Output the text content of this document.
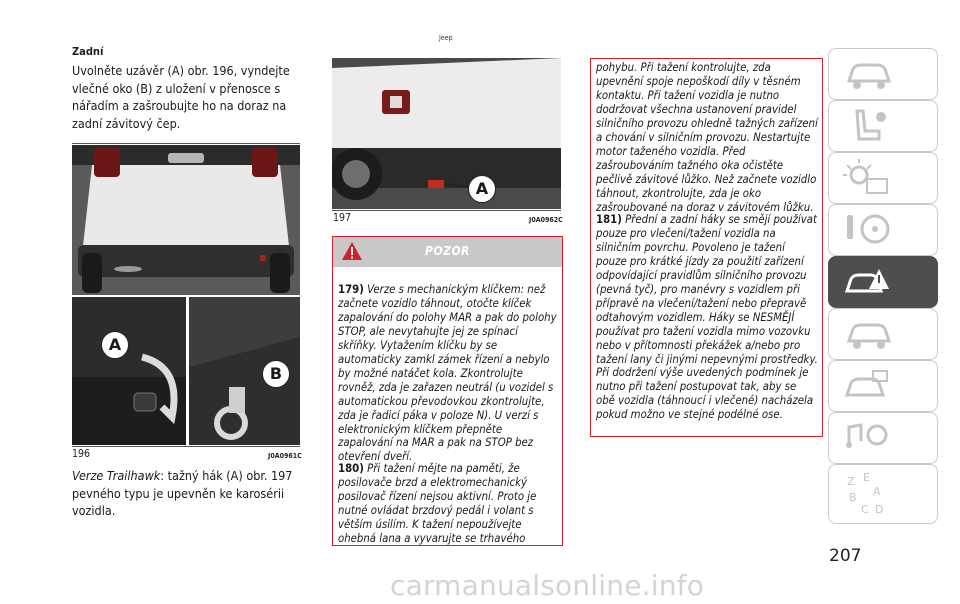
Zadní
Uvolněte uzávěr (A) obr. 196, vyndejte vlečné oko (B) z uložení v přenosce s nářadím a zašroubujte ho na doraz na zadní závitový čep.
A
B
196	J0A0961C
Verze Trailhawk: tažný hák (A) obr. 197 pevného typu je upevněn ke karosérii vozidla.
Jeep
A
197	J0A0962C
POZOR
179) Verze s mechanickým klíčkem: než začnete vozidlo táhnout, otočte klíček zapalování do polohy MAR a pak do polohy STOP, ale nevytahujte jej ze spínací skříňky. Vytažením klíčku by se automaticky zamkl zámek řízení a nebylo by možné natáčet kola. Zkontrolujte rovněž, zda je zařazen neutrál (u vozidel s automatickou převodovkou zkontrolujte, zda je řadicí páka v poloze N). U verzí s elektronickým klíčkem přepněte zapalování na MAR a pak na STOP bez otevření dveří.
180) Při tažení mějte na paměti, že posilovače brzd a elektromechanický posilovač řízení nejsou aktivní. Proto je nutné ovládat brzdový pedál i volant s větším úsilím. K tažení nepoužívejte ohebná lana a vyvarujte se trhavého
pohybu. Při tažení kontrolujte, zda upevnění spoje nepoškodí díly v těsném kontaktu. Při tažení vozidla je nutno dodržovat všechna ustanovení pravidel silničního provozu ohledně tažných zařízení a chování v silničním provozu. Nestartujte motor taženého vozidla. Před zašroubováním tažného oka očistěte pečlivě závitové lůžko. Než začnete vozidlo táhnout, zkontrolujte, zda je oko zašroubované na doraz v závitovém lůžku.
181) Přední a zadní háky se smějí používat pouze pro vlečení/tažení vozidla na silničním povrchu. Povoleno je tažení pouze pro krátké jízdy za použití zařízení odpovídající pravidlům silničního provozu (pevná tyč), pro manévry s vozidlem při přípravě na vlečení/tažení nebo přepravě odtahovým vozidlem. Háky se NESMĚJÍ používat pro tažení vozidla mimo vozovku nebo v přítomnosti překážek a/nebo pro tažení lany či jinými nepevnými prostředky. Při dodržení výše uvedených podmínek je nutno při tažení postupovat tak, aby se obě vozidla (táhnoucí i vlečené) nacházela pokud možno ve stejné podélné ose.
Z E
A
B
C D
207
carmanualsonline.info
